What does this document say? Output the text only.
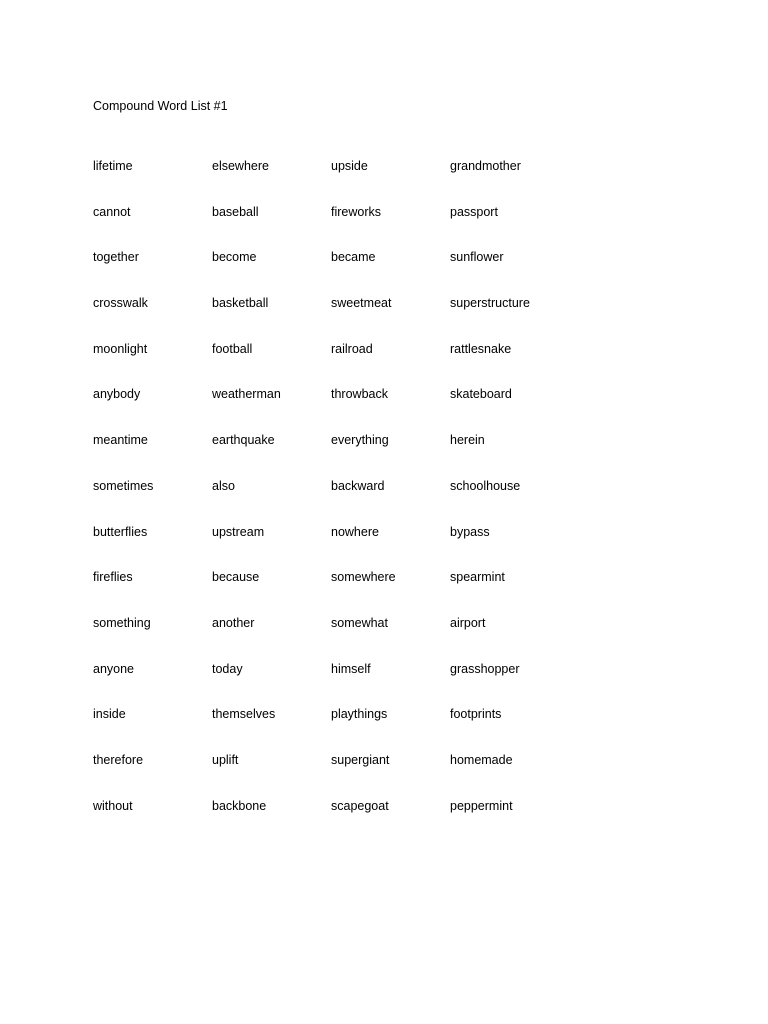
Compound Word List #1
lifetime	elsewhere	upside	grandmother
cannot	baseball	fireworks	passport
together	become	became	sunflower
crosswalk	basketball	sweetmeat	superstructure
moonlight	football	railroad	rattlesnake
anybody	weatherman	throwback	skateboard
meantime	earthquake	everything	herein
sometimes	also	backward	schoolhouse
butterflies	upstream	nowhere	bypass
fireflies	because	somewhere	spearmint
something	another	somewhat	airport
anyone	today	himself	grasshopper
inside	themselves	playthings	footprints
therefore	uplift	supergiant	homemade
without	backbone	scapegoat	peppermint
